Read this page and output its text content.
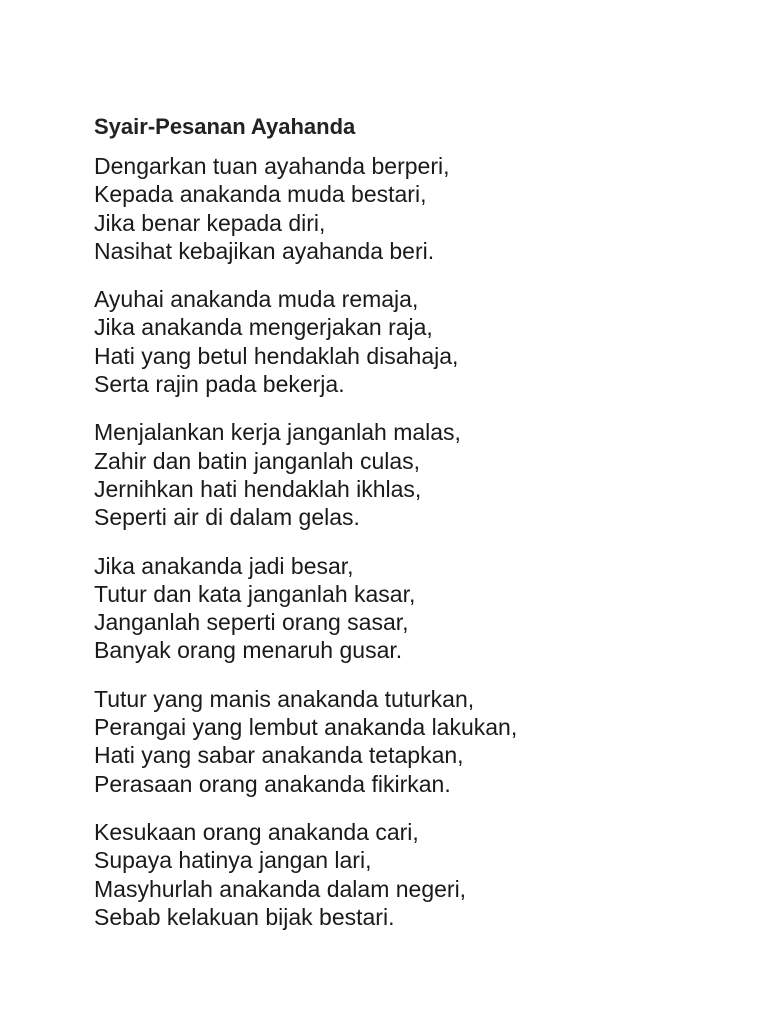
Syair-Pesanan Ayahanda
Dengarkan tuan ayahanda berperi,
Kepada anakanda muda bestari,
Jika benar kepada diri,
Nasihat kebajikan ayahanda beri.
Ayuhai anakanda muda remaja,
Jika anakanda mengerjakan raja,
Hati yang betul hendaklah disahaja,
Serta rajin pada bekerja.
Menjalankan kerja janganlah malas,
Zahir dan batin janganlah culas,
Jernihkan hati hendaklah ikhlas,
Seperti air di dalam gelas.
Jika anakanda jadi besar,
Tutur dan kata janganlah kasar,
Janganlah seperti orang sasar,
Banyak orang menaruh gusar.
Tutur yang manis anakanda tuturkan,
Perangai yang lembut anakanda lakukan,
Hati yang sabar anakanda tetapkan,
Perasaan orang anakanda fikirkan.
Kesukaan orang anakanda cari,
Supaya hatinya jangan lari,
Masyhurlah anakanda dalam negeri,
Sebab kelakuan bijak bestari.
